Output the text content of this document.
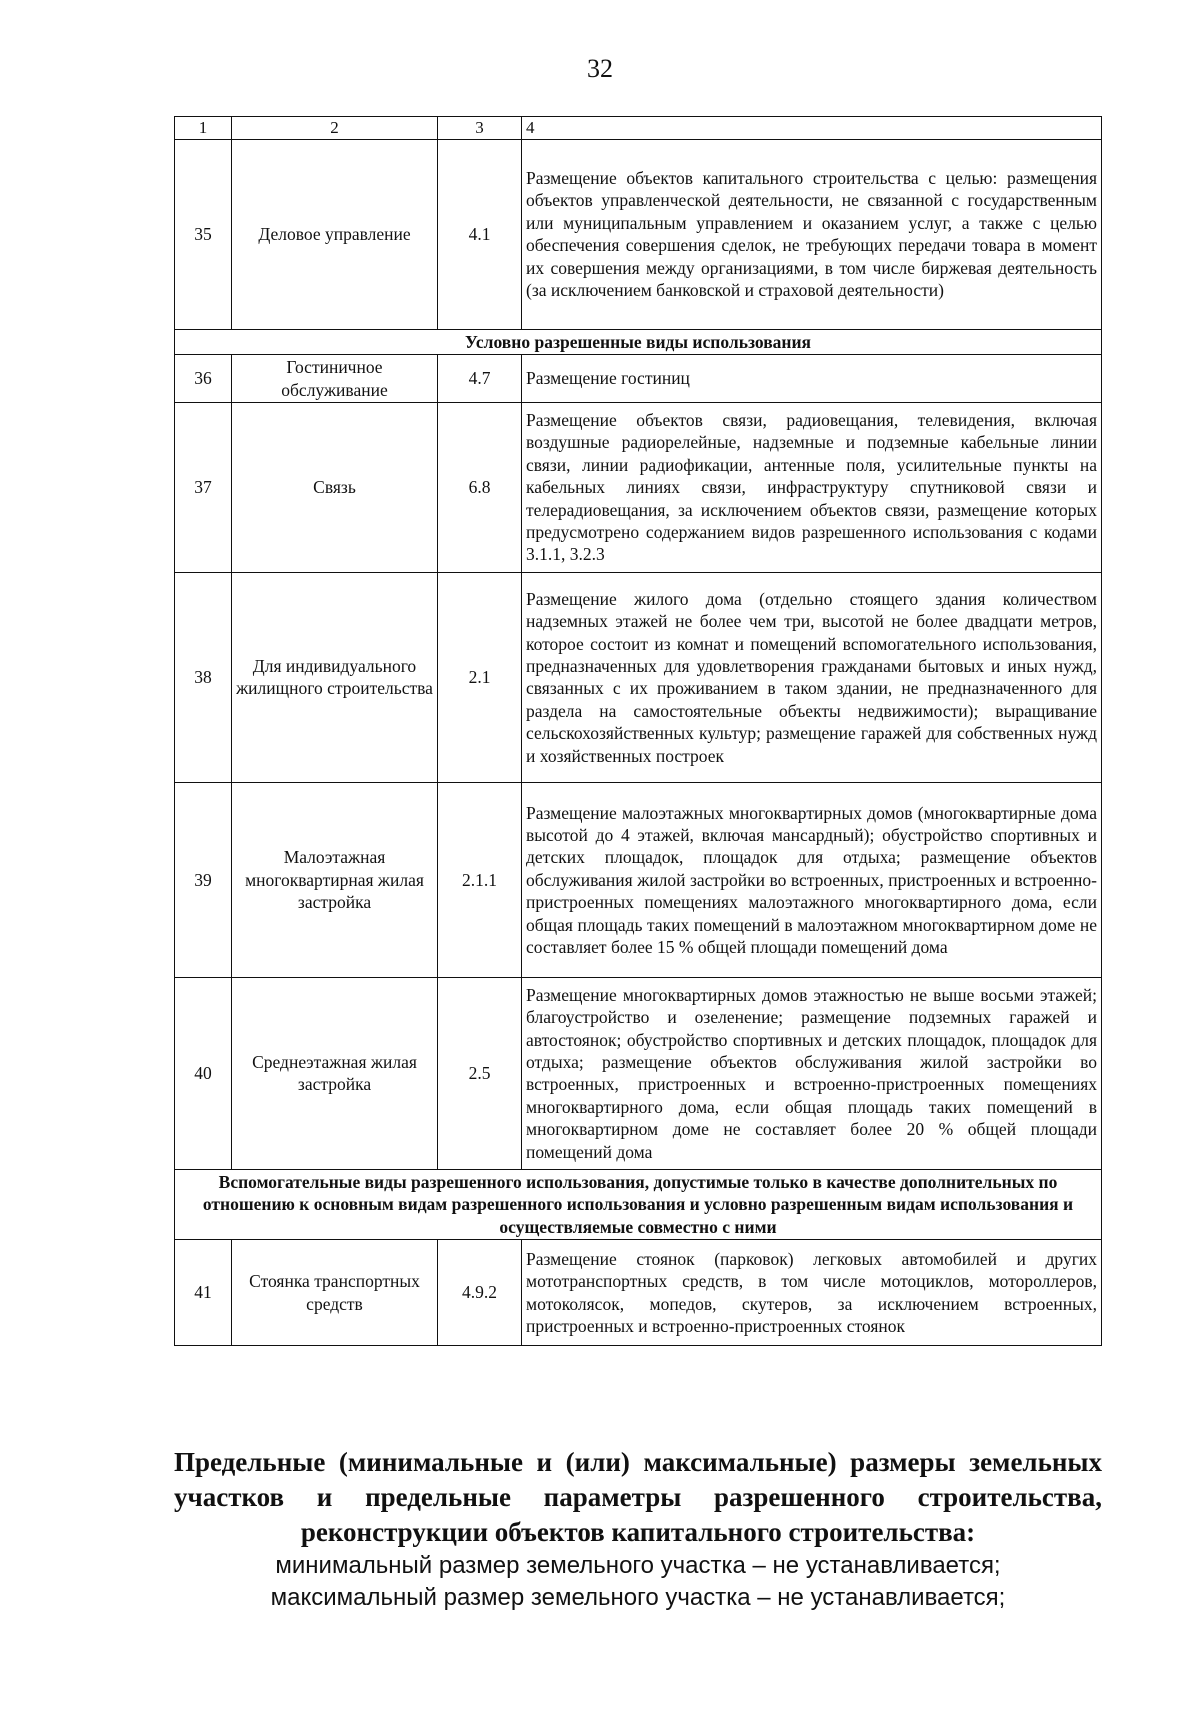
32
1	2	3	4
35	Деловое управление	4.1	Размещение объектов капитального строительства с целью: размещения объектов управленческой деятельности, не связанной с государственным или муниципальным управлением и оказанием услуг, а также с целью обеспечения совершения сделок, не требующих передачи товара в момент их совершения между организациями, в том числе биржевая деятельность (за исключением банковской и страховой деятельности)
Условно разрешенные виды использования			
36	Гостиничное обслуживание	4.7	Размещение гостиниц
37	Связь	6.8	Размещение объектов связи, радиовещания, телевидения, включая воздушные радиорелейные, надземные и подземные кабельные линии связи, линии радиофикации, антенные поля, усилительные пункты на кабельных линиях связи, инфраструктуру спутниковой связи и телерадиовещания, за исключением объектов связи, размещение которых предусмотрено содержанием видов разрешенного использования с кодами 3.1.1, 3.2.3
38	Для индивидуального жилищного строительства	2.1	Размещение жилого дома (отдельно стоящего здания количеством надземных этажей не более чем три, высотой не более двадцати метров, которое состоит из комнат и помещений вспомогательного использования, предназначенных для удовлетворения гражданами бытовых и иных нужд, связанных с их проживанием в таком здании, не предназначенного для раздела на самостоятельные объекты недвижимости); выращивание сельскохозяйственных культур; размещение гаражей для собственных нужд и хозяйственных построек
39	Малоэтажная многоквартирная жилая застройка	2.1.1	Размещение малоэтажных многоквартирных домов (многоквартирные дома высотой до 4 этажей, включая мансардный); обустройство спортивных и детских площадок, площадок для отдыха; размещение объектов обслуживания жилой застройки во встроенных, пристроенных и встроенно-пристроенных помещениях малоэтажного многоквартирного дома, если общая площадь таких помещений в малоэтажном многоквартирном доме не составляет более 15 % общей площади помещений дома
40	Среднеэтажная жилая застройка	2.5	Размещение многоквартирных домов этажностью не выше восьми этажей; благоустройство и озеленение; размещение подземных гаражей и автостоянок; обустройство спортивных и детских площадок, площадок для отдыха; размещение объектов обслуживания жилой застройки во встроенных, пристроенных и встроенно-пристроенных помещениях многоквартирного дома, если общая площадь таких помещений в многоквартирном доме не составляет более 20 % общей площади помещений дома
Вспомогательные виды разрешенного использования, допустимые только в качестве дополнительных по отношению к основным видам разрешенного использования и условно разрешенным видам использования и осуществляемые совместно с ними			
41	Стоянка транспортных средств	4.9.2	Размещение стоянок (парковок) легковых автомобилей и других мототранспортных средств, в том числе мотоциклов, мотороллеров, мотоколясок, мопедов, скутеров, за исключением встроенных, пристроенных и встроенно-пристроенных стоянок
Предельные (минимальные и (или) максимальные) размеры земельных участков и предельные параметры разрешенного строительства, реконструкции объектов капитального строительства:
минимальный размер земельного участка – не устанавливается;
максимальный размер земельного участка – не устанавливается;
